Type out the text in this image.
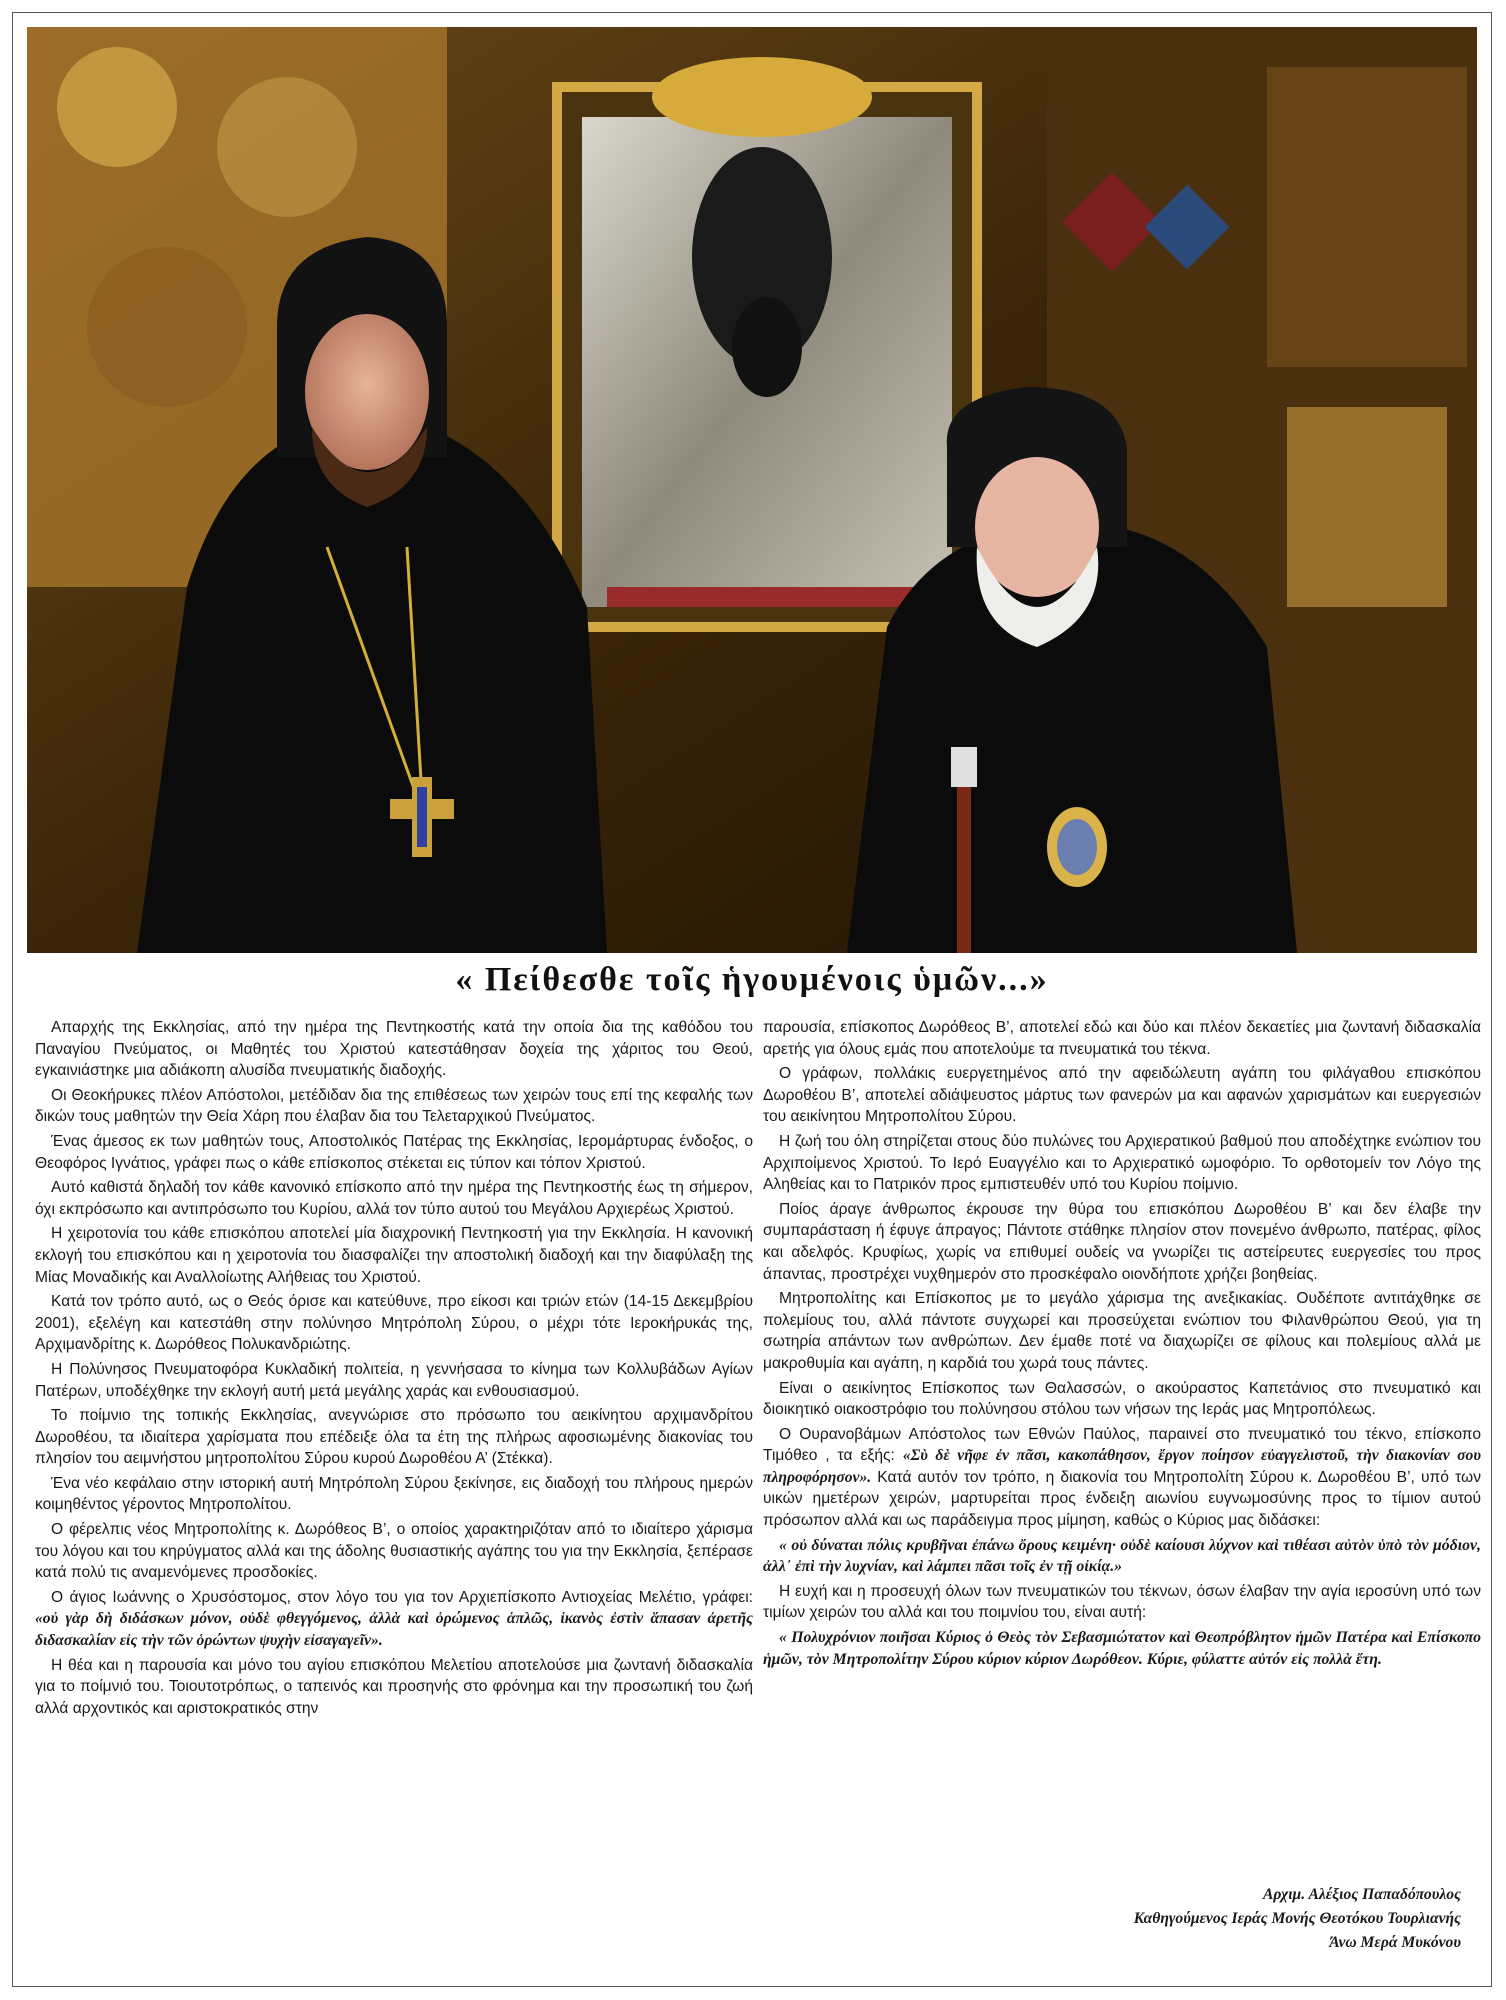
« Πείθεσθε τοῖς ἡγουμένοις ὑμῶν...»

Απαρχής της Εκκλησίας, από την ημέρα της Πεντηκοστής κατά την οποία δια της καθόδου του Παναγίου Πνεύματος, οι Μαθητές του Χριστού κατεστάθησαν δοχεία της χάριτος του Θεού, εγκαινιάστηκε μια αδιάκοπη αλυσίδα πνευματικής διαδοχής.

Οι Θεοκήρυκες πλέον Απόστολοι, μετέδιδαν δια της επιθέσεως των χειρών τους επί της κεφαλής των δικών τους μαθητών την Θεία Χάρη που έλαβαν δια του Τελεταρχικού Πνεύματος.

Ένας άμεσος εκ των μαθητών τους, Αποστολικός Πατέρας της Εκκλησίας, Ιερομάρτυρας ένδοξος, ο Θεοφόρος Ιγνάτιος, γράφει πως ο κάθε επίσκοπος στέκεται εις τύπον και τόπον Χριστού.

Αυτό καθιστά δηλαδή τον κάθε κανονικό επίσκοπο από την ημέρα της Πεντηκοστής έως τη σήμερον, όχι εκπρόσωπο και αντιπρόσωπο του Κυρίου, αλλά τον τύπο αυτού του Μεγάλου Αρχιερέως Χριστού.

Η χειροτονία του κάθε επισκόπου αποτελεί μία διαχρονική Πεντηκοστή για την Εκκλησία. Η κανονική εκλογή του επισκόπου και η χειροτονία του διασφαλίζει την αποστολική διαδοχή και την διαφύλαξη της Μίας Μοναδικής και Αναλλοίωτης Αλήθειας του Χριστού.

Κατά τον τρόπο αυτό, ως ο Θεός όρισε και κατεύθυνε, προ είκοσι και τριών ετών (14-15 Δεκεμβρίου 2001), εξελέγη και κατεστάθη στην πολύνησο Μητρόπολη Σύρου, ο μέχρι τότε Ιεροκήρυκάς της, Αρχιμανδρίτης κ. Δωρόθεος Πολυκανδριώτης.

Η Πολύνησος Πνευματοφόρα Κυκλαδική πολιτεία, η γεννήσασα το κίνημα των Κολλυβάδων Αγίων Πατέρων, υποδέχθηκε την εκλογή αυτή μετά μεγάλης χαράς και ενθουσιασμού.

Το ποίμνιο της τοπικής Εκκλησίας, ανεγνώρισε στο πρόσωπο του αεικίνητου αρχιμανδρίτου Δωροθέου, τα ιδιαίτερα χαρίσματα που επέδειξε όλα τα έτη της πλήρως αφοσιωμένης διακονίας του πλησίον του αειμνήστου μητροπολίτου Σύρου κυρού Δωροθέου Α’ (Στέκκα).

Ένα νέο κεφάλαιο στην ιστορική αυτή Μητρόπολη Σύρου ξεκίνησε, εις διαδοχή του πλήρους ημερών κοιμηθέντος γέροντος Μητροπολίτου.

Ο φέρελπις νέος Μητροπολίτης κ. Δωρόθεος Β’, ο οποίος χαρακτηριζόταν από το ιδιαίτερο χάρισμα του λόγου και του κηρύγματος αλλά και της άδολης θυσιαστικής αγάπης του για την Εκκλησία, ξεπέρασε κατά πολύ τις αναμενόμενες προσδοκίες.

Ο άγιος Ιωάννης ο Χρυσόστομος, στον λόγο του για τον Αρχιεπίσκοπο Αντιοχείας Μελέτιο, γράφει: «οὐ γὰρ δὴ διδάσκων μόνον, οὐδὲ φθεγγόμενος, ἀλλὰ καὶ ὁρώμενος ἁπλῶς, ἱκανὸς ἐστὶν ἅπασαν ἀρετῆς διδασκαλίαν εἰς τὴν τῶν ὁρώντων ψυχὴν εἰσαγαγεῖν».

Η θέα και η παρουσία και μόνο του αγίου επισκόπου Μελετίου αποτελούσε μια ζωντανή διδασκαλία για το ποίμνιό του. Τοιουτοτρόπως, ο ταπεινός και προσηνής στο φρόνημα και την προσωπική του ζωή αλλά αρχοντικός και αριστοκρατικός στην

παρουσία, επίσκοπος Δωρόθεος Β’, αποτελεί εδώ και δύο και πλέον δεκαετίες μια ζωντανή διδασκαλία αρετής για όλους εμάς που αποτελούμε τα πνευματικά του τέκνα.

Ο γράφων, πολλάκις ευεργετημένος από την αφειδώλευτη αγάπη του φιλάγαθου επισκόπου Δωροθέου Β’, αποτελεί αδιάψευστος μάρτυς των φανερών μα και αφανών χαρισμάτων και ευεργεσιών του αεικίνητου Μητροπολίτου Σύρου.

Η ζωή του όλη στηρίζεται στους δύο πυλώνες του Αρχιερατικού βαθμού που αποδέχτηκε ενώπιον του Αρχιποίμενος Χριστού. Το Ιερό Ευαγγέλιο και το Αρχιερατικό ωμοφόριο. Το ορθοτομείν τον Λόγο της Αληθείας και το Πατρικόν προς εμπιστευθέν υπό του Κυρίου ποίμνιο.

Ποίος άραγε άνθρωπος έκρουσε την θύρα του επισκόπου Δωροθέου Β’ και δεν έλαβε την συμπαράσταση ή έφυγε άπραγος; Πάντοτε στάθηκε πλησίον στον πονεμένο άνθρωπο, πατέρας, φίλος και αδελφός. Κρυφίως, χωρίς να επιθυμεί ουδείς να γνωρίζει τις αστείρευτες ευεργεσίες του προς άπαντας, προστρέχει νυχθημερόν στο προσκέφαλο οιονδήποτε χρήζει βοηθείας.

Μητροπολίτης και Επίσκοπος με το μεγάλο χάρισμα της ανεξικακίας. Ουδέποτε αντιτάχθηκε σε πολεμίους του, αλλά πάντοτε συγχωρεί και προσεύχεται ενώπιον του Φιλανθρώπου Θεού, για τη σωτηρία απάντων των ανθρώπων. Δεν έμαθε ποτέ να διαχωρίζει σε φίλους και πολεμίους αλλά με μακροθυμία και αγάπη, η καρδιά του χωρά τους πάντες.

Είναι ο αεικίνητος Επίσκοπος των Θαλασσών, ο ακούραστος Καπετάνιος στο πνευματικό και διοικητικό οιακοστρόφιο του πολύνησου στόλου των νήσων της Ιεράς μας Μητροπόλεως.

Ο Ουρανοβάμων Απόστολος των Εθνών Παύλος, παραινεί στο πνευματικό του τέκνο, επίσκοπο Τιμόθεο , τα εξής: «Σὺ δὲ νῆφε ἐν πᾶσι, κακοπάθησον, ἔργον ποίησον εὐαγγελιστοῦ, τὴν διακονίαν σου πληροφόρησον». Κατά αυτόν τον τρόπο, η διακονία του Μητροπολίτη Σύρου κ. Δωροθέου Β’, υπό των υικών ημετέρων χειρών, μαρτυρείται προς ένδειξη αιωνίου ευγνωμοσύνης προς το τίμιον αυτού πρόσωπον αλλά και ως παράδειγμα προς μίμηση, καθώς ο Κύριος μας διδάσκει:

« οὐ δύναται πόλις κρυβῆναι ἐπάνω ὄρους κειμένη· οὐδὲ καίουσι λύχνον καὶ τιθέασι αὐτὸν ὑπὸ τὸν μόδιον, ἀλλ᾿ ἐπὶ τὴν λυχνίαν, καὶ λάμπει πᾶσι τοῖς ἐν τῇ οἰκίᾳ.»

Η ευχή και η προσευχή όλων των πνευματικών του τέκνων, όσων έλαβαν την αγία ιεροσύνη υπό των τιμίων χειρών του αλλά και του ποιμνίου του, είναι αυτή:

« Πολυχρόνιον ποιῆσαι Κύριος ὁ Θεὸς τὸν Σεβασμιώτατον καὶ Θεοπρόβλητον ἡμῶν Πατέρα καὶ Επίσκοπο ἡμῶν, τὸν Μητροπολίτην Σύρου κύριον κύριον Δωρόθεον. Κύριε, φύλαττε αὐτόν εἰς πολλὰ ἔτη.

Αρχιμ. Αλέξιος Παπαδόπουλος
Καθηγούμενος Ιεράς Μονής Θεοτόκου Τουρλιανής
Άνω Μερά Μυκόνου
